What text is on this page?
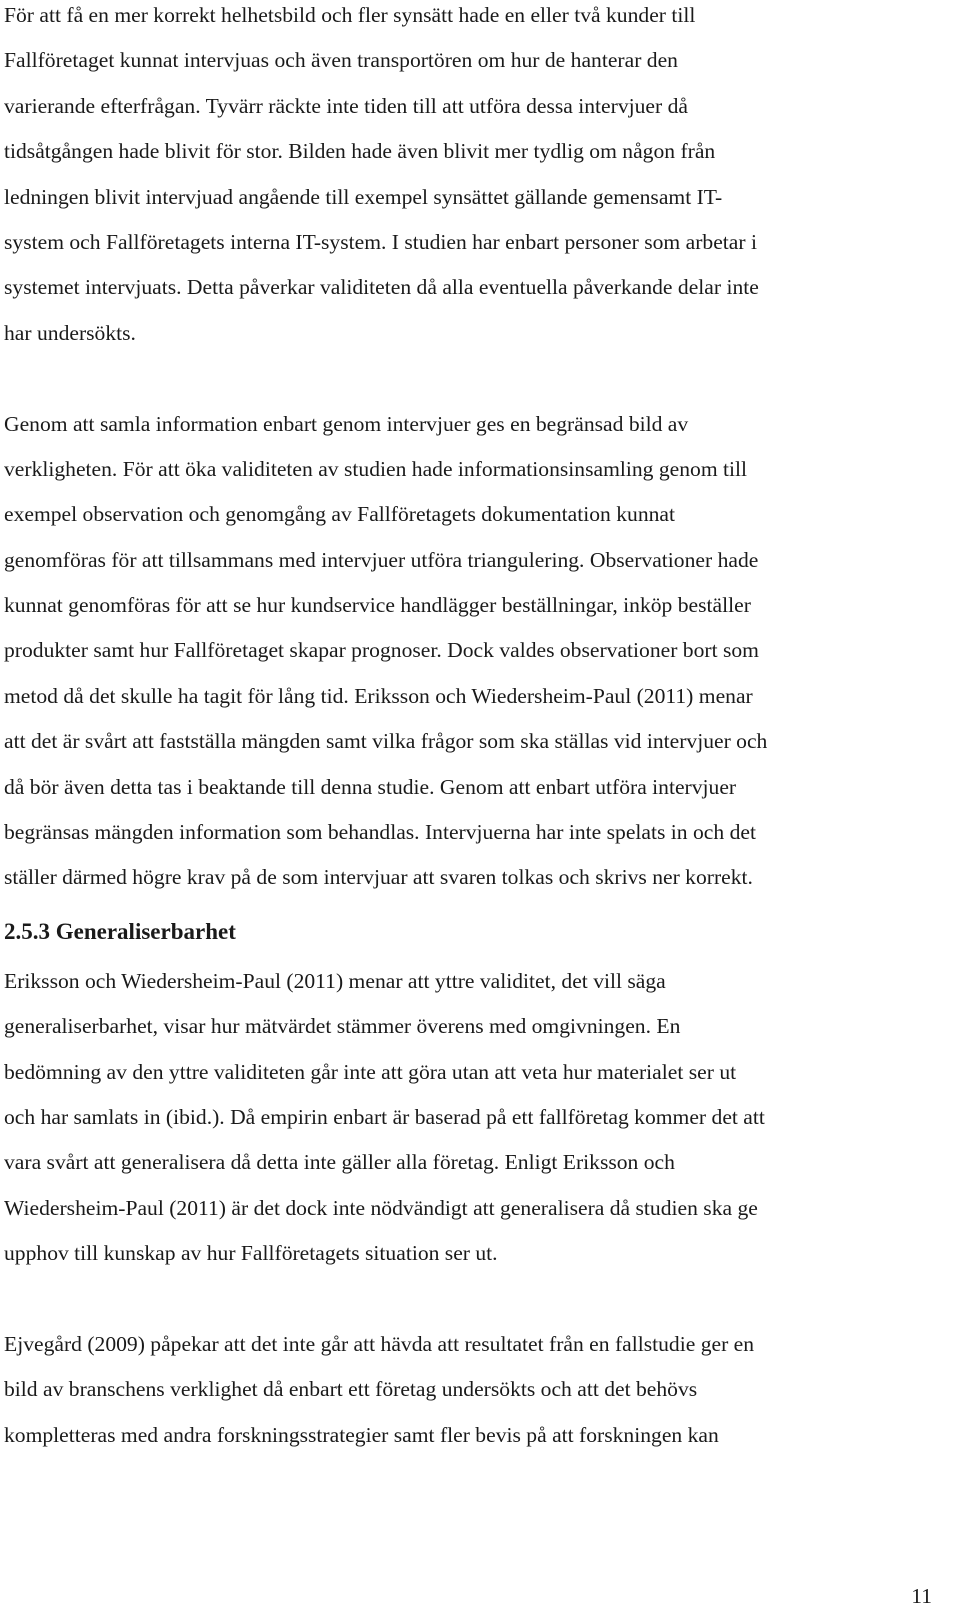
För att få en mer korrekt helhetsbild och fler synsätt hade en eller två kunder till
Fallföretaget kunnat intervjuas och även transportören om hur de hanterar den
varierande efterfrågan. Tyvärr räckte inte tiden till att utföra dessa intervjuer då
tidsåtgången hade blivit för stor. Bilden hade även blivit mer tydlig om någon från
ledningen blivit intervjuad angående till exempel synsättet gällande gemensamt IT-
system och Fallföretagets interna IT-system. I studien har enbart personer som arbetar i
systemet intervjuats. Detta påverkar validiteten då alla eventuella påverkande delar inte
har undersökts.
Genom att samla information enbart genom intervjuer ges en begränsad bild av
verkligheten. För att öka validiteten av studien hade informationsinsamling genom till
exempel observation och genomgång av Fallföretagets dokumentation kunnat
genomföras för att tillsammans med intervjuer utföra triangulering. Observationer hade
kunnat genomföras för att se hur kundservice handlägger beställningar, inköp beställer
produkter samt hur Fallföretaget skapar prognoser. Dock valdes observationer bort som
metod då det skulle ha tagit för lång tid. Eriksson och Wiedersheim-Paul (2011) menar
att det är svårt att fastställa mängden samt vilka frågor som ska ställas vid intervjuer och
då bör även detta tas i beaktande till denna studie. Genom att enbart utföra intervjuer
begränsas mängden information som behandlas. Intervjuerna har inte spelats in och det
ställer därmed högre krav på de som intervjuar att svaren tolkas och skrivs ner korrekt.
2.5.3 Generaliserbarhet
Eriksson och Wiedersheim-Paul (2011) menar att yttre validitet, det vill säga
generaliserbarhet, visar hur mätvärdet stämmer överens med omgivningen. En
bedömning av den yttre validiteten går inte att göra utan att veta hur materialet ser ut
och har samlats in (ibid.). Då empirin enbart är baserad på ett fallföretag kommer det att
vara svårt att generalisera då detta inte gäller alla företag. Enligt Eriksson och
Wiedersheim-Paul (2011) är det dock inte nödvändigt att generalisera då studien ska ge
upphov till kunskap av hur Fallföretagets situation ser ut.
Ejvegård (2009) påpekar att det inte går att hävda att resultatet från en fallstudie ger en
bild av branschens verklighet då enbart ett företag undersökts och att det behövs
kompletteras med andra forskningsstrategier samt fler bevis på att forskningen kan
11
